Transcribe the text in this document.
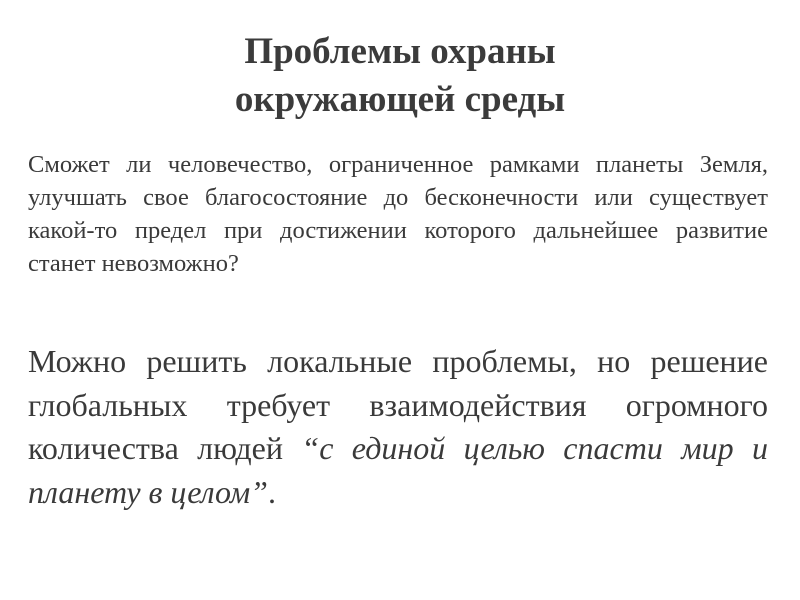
Проблемы охраны
окружающей среды

Сможет ли человечество, ограниченное рамками планеты Земля, улучшать свое благосостояние до бесконечности или существует какой-то предел при достижении которого дальнейшее развитие станет невозможно?

Можно решить локальные проблемы, но решение глобальных требует взаимодействия огромного количества людей “с единой целью спасти мир и планету в целом”.
